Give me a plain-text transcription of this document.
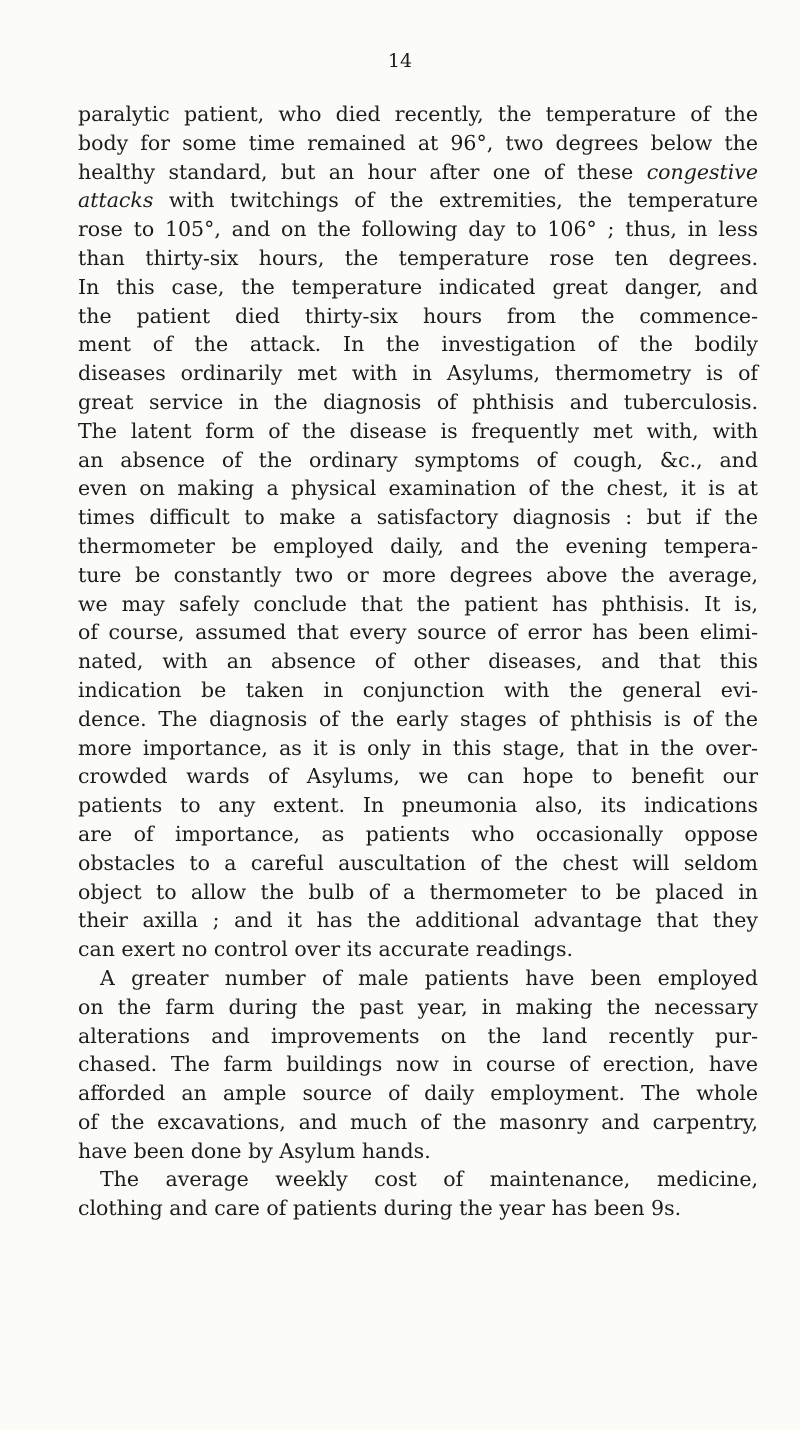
14
paralytic patient, who died recently, the temperature of the
body for some time remained at 96°, two degrees below the
healthy standard, but an hour after one of these congestive
attacks with twitchings of the extremities, the temperature
rose to 105°, and on the following day to 106° ; thus, in less
than thirty-six hours, the temperature rose ten degrees.
In this case, the temperature indicated great danger, and
the patient died thirty-six hours from the commence-
ment of the attack. In the investigation of the bodily
diseases ordinarily met with in Asylums, thermometry is of
great service in the diagnosis of phthisis and tuberculosis.
The latent form of the disease is frequently met with, with
an absence of the ordinary symptoms of cough, &c., and
even on making a physical examination of the chest, it is at
times difficult to make a satisfactory diagnosis : but if the
thermometer be employed daily, and the evening tempera-
ture be constantly two or more degrees above the average,
we may safely conclude that the patient has phthisis. It is,
of course, assumed that every source of error has been elimi-
nated, with an absence of other diseases, and that this
indication be taken in conjunction with the general evi-
dence. The diagnosis of the early stages of phthisis is of the
more importance, as it is only in this stage, that in the over-
crowded wards of Asylums, we can hope to benefit our
patients to any extent. In pneumonia also, its indications
are of importance, as patients who occasionally oppose
obstacles to a careful auscultation of the chest will seldom
object to allow the bulb of a thermometer to be placed in
their axilla ; and it has the additional advantage that they
can exert no control over its accurate readings.
A greater number of male patients have been employed
on the farm during the past year, in making the necessary
alterations and improvements on the land recently pur-
chased. The farm buildings now in course of erection, have
afforded an ample source of daily employment. The whole
of the excavations, and much of the masonry and carpentry,
have been done by Asylum hands.
The average weekly cost of maintenance, medicine,
clothing and care of patients during the year has been 9s.
